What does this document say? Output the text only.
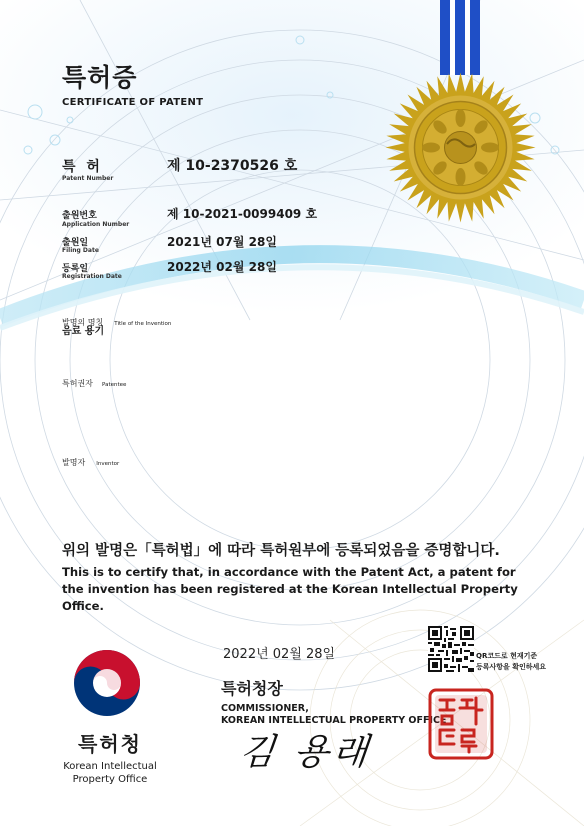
특허증
CERTIFICATE OF PATENT
특 허
Patent Number
제 10-2370526 호
출원번호
Application Number
제 10-2021-0099409 호
출원일
Filing Date
2021년 07월 28일
등록일
Registration Date
2022년 02월 28일
발명의 명칭 Title of the Invention
음료 용기
특허권자 Patentee
발명자 Inventor
위의 발명은「특허법」에 따라 특허원부에 등록되었음을 증명합니다.
This is to certify that, in accordance with the Patent Act, a patent for the invention has been registered at the Korean Intellectual Property Office.
2022년 02월 28일	QR코드로 현재기준
등록사항을 확인하세요
특허청장
COMMISSIONER,
KOREAN INTELLECTUAL PROPERTY OFFICE
김 용래
특허청
Korean Intellectual
Property Office
